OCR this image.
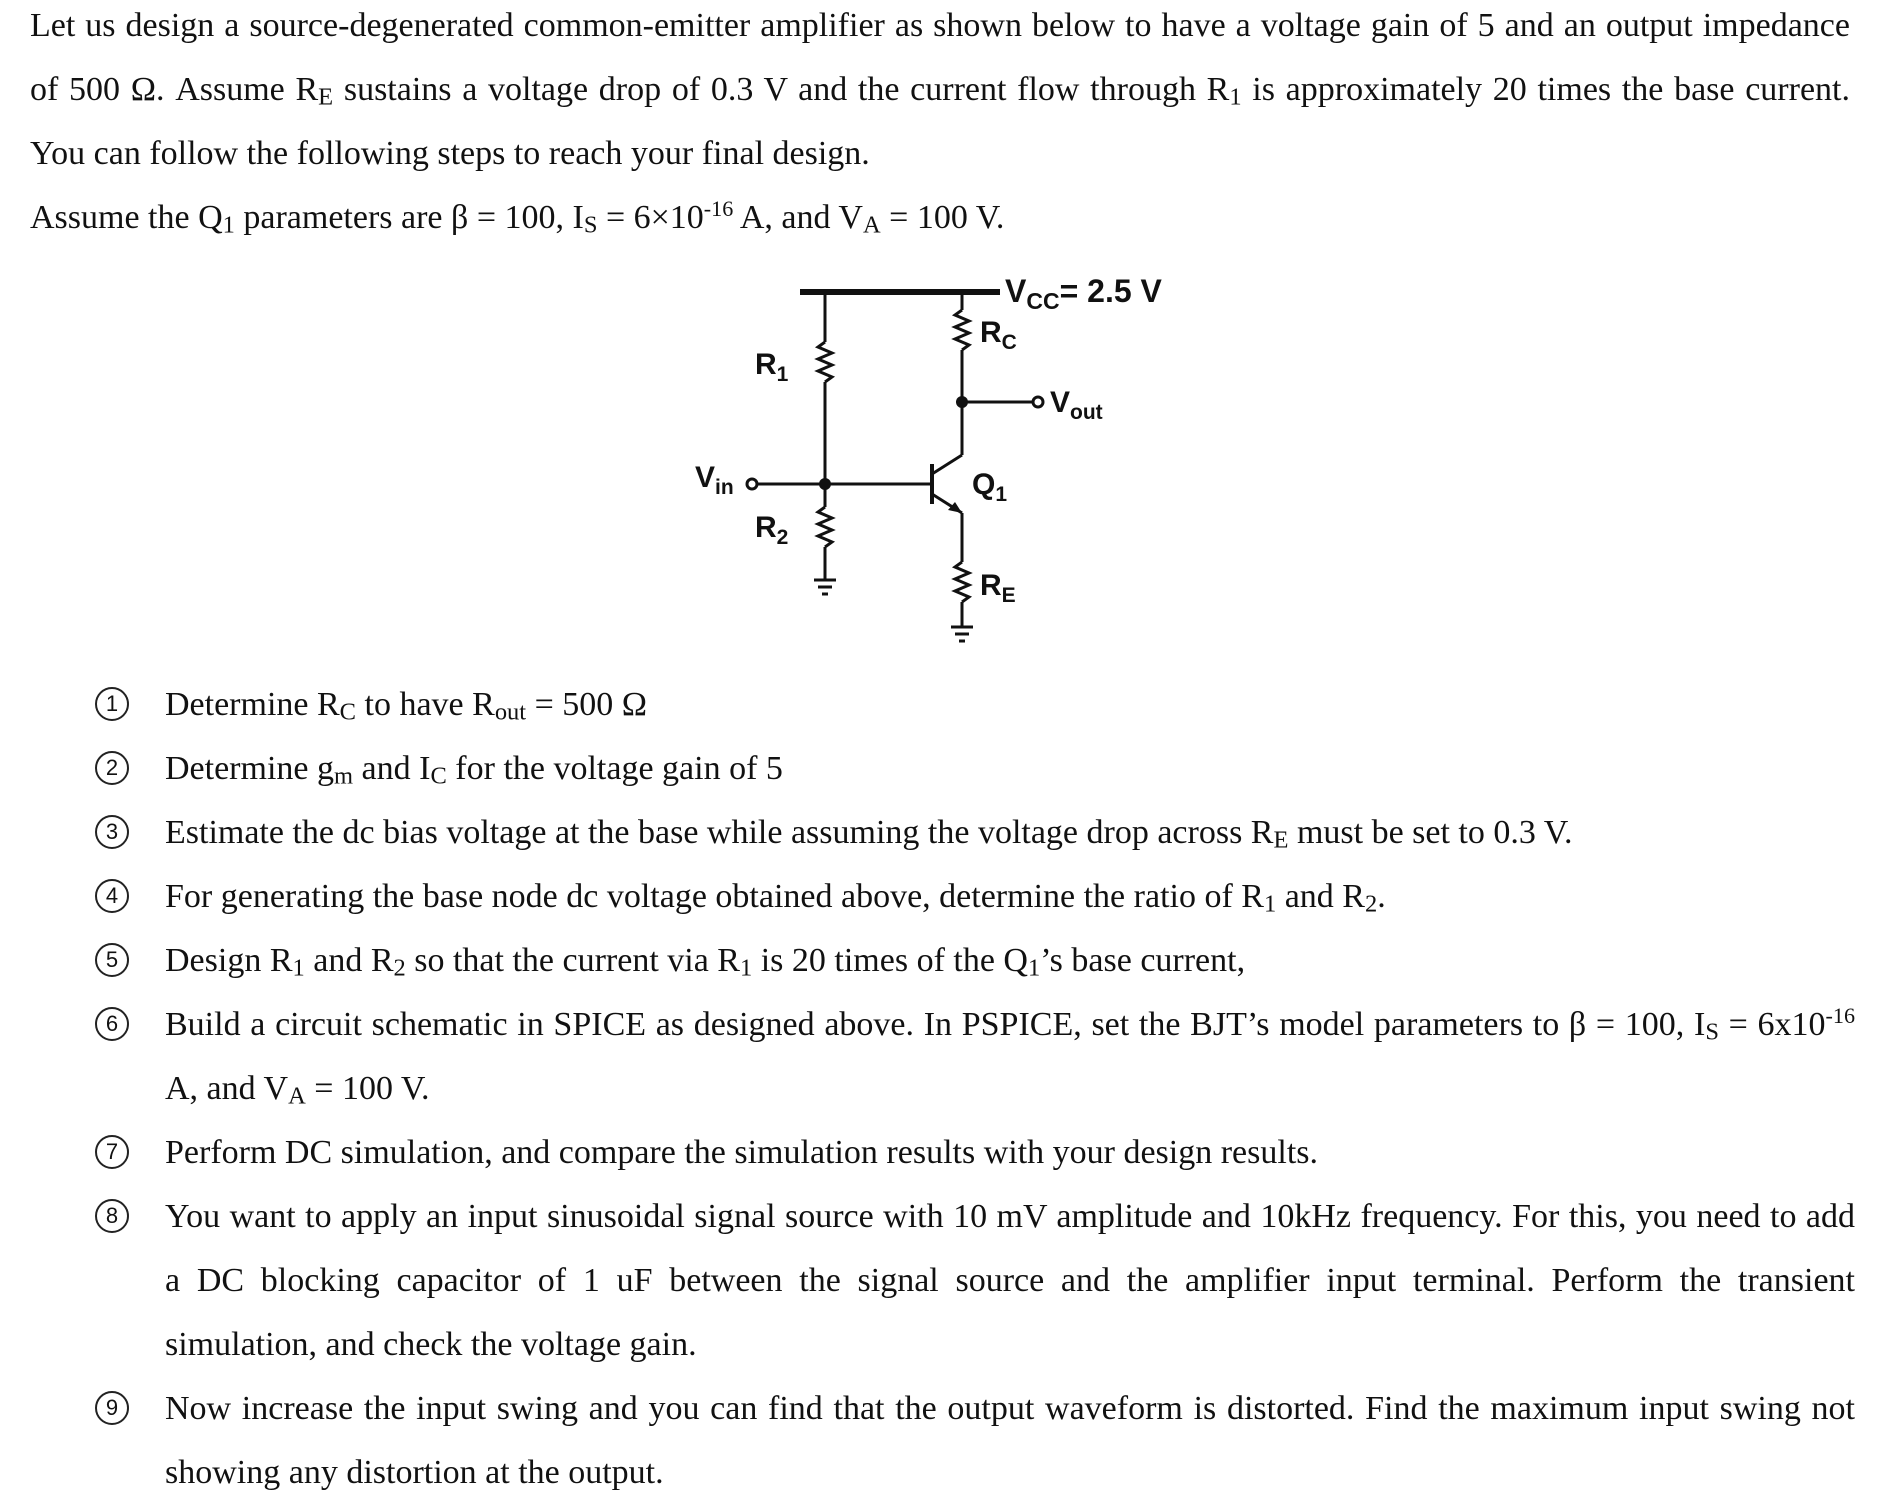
Let us design a source-degenerated common-emitter amplifier as shown below to have a voltage gain of 5 and an output impedance of 500 Ω. Assume RE sustains a voltage drop of 0.3 V and the current flow through R1 is approximately 20 times the base current. You can follow the following steps to reach your final design.
Assume the Q1 parameters are β = 100, IS = $6\times 10^{-16}$ A, and VA = 100 V.
$V_{CC}= 2.5$ V
$R_1$
$R_C$
$V_{out}$
$V_{in}$	$Q_1$
$R_2$
$R_E$
1	Determine RC to have Rout = 500 Ω
2	Determine gm and IC for the voltage gain of 5
3	Estimate the dc bias voltage at the base while assuming the voltage drop across RE must be set to 0.3 V.
4	For generating the base node dc voltage obtained above, determine the ratio of R1 and R2.
5	Design R1 and R2 so that the current via R1 is 20 times of the Q1’s base current,
6	Build a circuit schematic in SPICE as designed above. In PSPICE, set the BJT’s model parameters to β = 100, IS = $6x10^{-16}$ A, and VA = 100 V.
7	Perform DC simulation, and compare the simulation results with your design results.
8	You want to apply an input sinusoidal signal source with 10 mV amplitude and 10kHz frequency. For this, you need to add a DC blocking capacitor of 1 uF between the signal source and the amplifier input terminal. Perform the transient simulation, and check the voltage gain.
9	Now increase the input swing and you can find that the output waveform is distorted. Find the maximum input swing not showing any distortion at the output.
